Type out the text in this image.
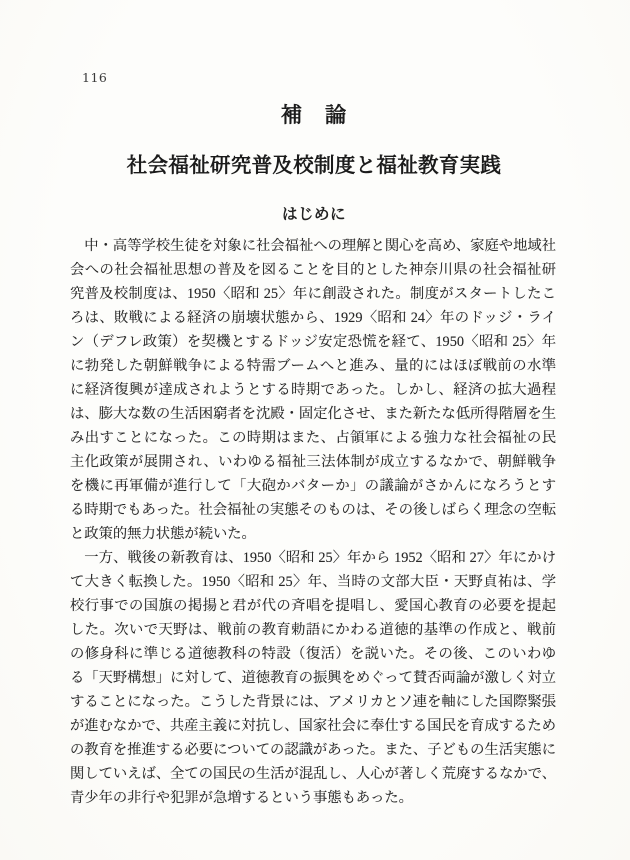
116
補　論
社会福祉研究普及校制度と福祉教育実践
はじめに

中・高等学校生徒を対象に社会福祉への理解と関心を高め、家庭や地域社会への社会福祉思想の普及を図ることを目的とした神奈川県の社会福祉研究普及校制度は、1950〈昭和 25〉年に創設された。制度がスタートしたころは、敗戦による経済の崩壊状態から、1929〈昭和 24〉年のドッジ・ライン（デフレ政策）を契機とするドッジ安定恐慌を経て、1950〈昭和 25〉年に勃発した朝鮮戦争による特需ブームへと進み、量的にはほぼ戦前の水準に経済復興が達成されようとする時期であった。しかし、経済の拡大過程は、膨大な数の生活困窮者を沈殿・固定化させ、また新たな低所得階層を生み出すことになった。この時期はまた、占領軍による強力な社会福祉の民主化政策が展開され、いわゆる福祉三法体制が成立するなかで、朝鮮戦争を機に再軍備が進行して「大砲かバターか」の議論がさかんになろうとする時期でもあった。社会福祉の実態そのものは、その後しばらく理念の空転と政策的無力状態が続いた。

一方、戦後の新教育は、1950〈昭和 25〉年から 1952〈昭和 27〉年にかけて大きく転換した。1950〈昭和 25〉年、当時の文部大臣・天野貞祐は、学校行事での国旗の掲揚と君が代の斉唱を提唱し、愛国心教育の必要を提起した。次いで天野は、戦前の教育勅語にかわる道徳的基準の作成と、戦前の修身科に準じる道徳教科の特設（復活）を説いた。その後、このいわゆる「天野構想」に対して、道徳教育の振興をめぐって賛否両論が激しく対立することになった。こうした背景には、アメリカとソ連を軸にした国際緊張が進むなかで、共産主義に対抗し、国家社会に奉仕する国民を育成するための教育を推進する必要についての認識があった。また、子どもの生活実態に関していえば、全ての国民の生活が混乱し、人心が著しく荒廃するなかで、青少年の非行や犯罪が急増するという事態もあった。
